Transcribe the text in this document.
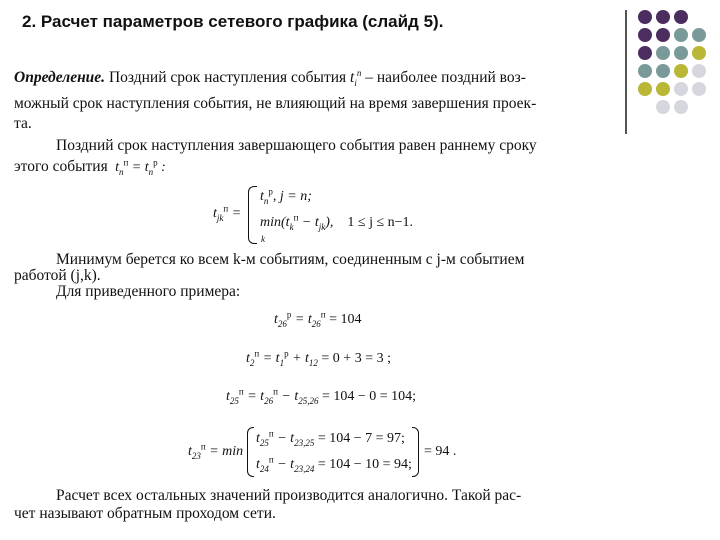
2. Расчет параметров сетевого графика (слайд 5).
Определение. Поздний срок наступления события $t_i^п$ – наиболее поздний воз-
можный срок наступления события, не влияющий на время завершения проек-
та.
Поздний срок наступления завершающего события равен раннему сроку
этого события  $t_n^п = t_n^р$ :
$t_{jk}^п$ =
$t_n^р$, j = n;
$\min(t_k^п - t_{jk})$,    1 ≤ j ≤ n−1.
k
Минимум берется ко всем k-м событиям, соединенным с j-м событием
работой (j,k).
Для приведенного примера:
$t_{26}^р = t_{26}^п = 104$
$t_2^п = t_1^р + t_{12} = 0 + 3 = 3$ ;
$t_{25}^п = t_{26}^п - t_{25,26} = 104 - 0 = 104$;
$t_{23}^п = \min$
$t_{25}^п - t_{23,25} = 104 - 7 = 97$;
$t_{24}^п - t_{23,24} = 104 - 10 = 94$;
= 94 .
Расчет всех остальных значений производится аналогично. Такой рас-
чет называют обратным проходом сети.
